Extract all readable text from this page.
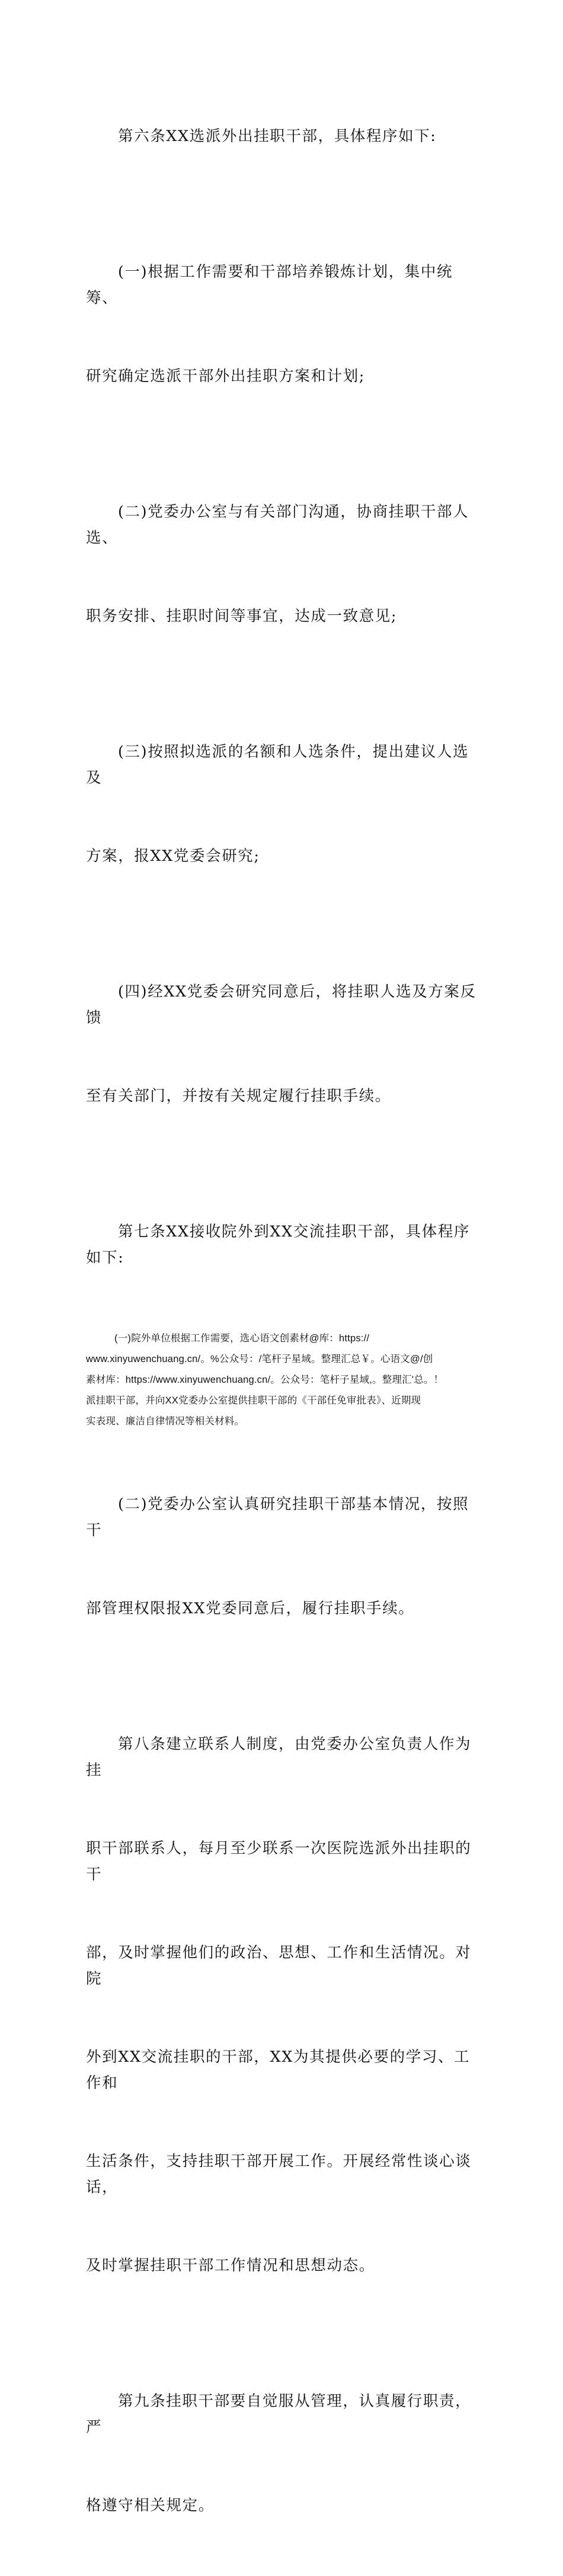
第六条XX选派外出挂职干部，具体程序如下:

(一)根据工作需要和干部培养锻炼计划，集中统筹、

研究确定选派干部外出挂职方案和计划;

(二)党委办公室与有关部门沟通，协商挂职干部人选、

职务安排、挂职时间等事宜，达成一致意见;

(三)按照拟选派的名额和人选条件，提出建议人选及

方案，报XX党委会研究;

(四)经XX党委会研究同意后，将挂职人选及方案反馈

至有关部门，并按有关规定履行挂职手续。

第七条XX接收院外到XX交流挂职干部，具体程序如下:

(一)院外单位根据工作需要，选心语文创素材@库：https://
www.xinyuwenchuang.cn/。%公众号：/笔杆子星域。整理汇总￥。心语文@/创
素材库：https://www.xinyuwenchuang.cn/。公众号：笔杆子星域,。整理汇'总。！
派挂职干部，并向XX党委办公室提供挂职干部的《干部任免审批表》、近期现
实表现、廉洁自律情况等相关材料。

(二)党委办公室认真研究挂职干部基本情况，按照干

部管理权限报XX党委同意后，履行挂职手续。

第八条建立联系人制度，由党委办公室负责人作为挂

职干部联系人，每月至少联系一次医院选派外出挂职的干

部，及时掌握他们的政治、思想、工作和生活情况。对院

外到XX交流挂职的干部，XX为其提供必要的学习、工作和

生活条件，支持挂职干部开展工作。开展经常性谈心谈话，

及时掌握挂职干部工作情况和思想动态。

第九条挂职干部要自觉服从管理，认真履行职责，严

格遵守相关规定。
